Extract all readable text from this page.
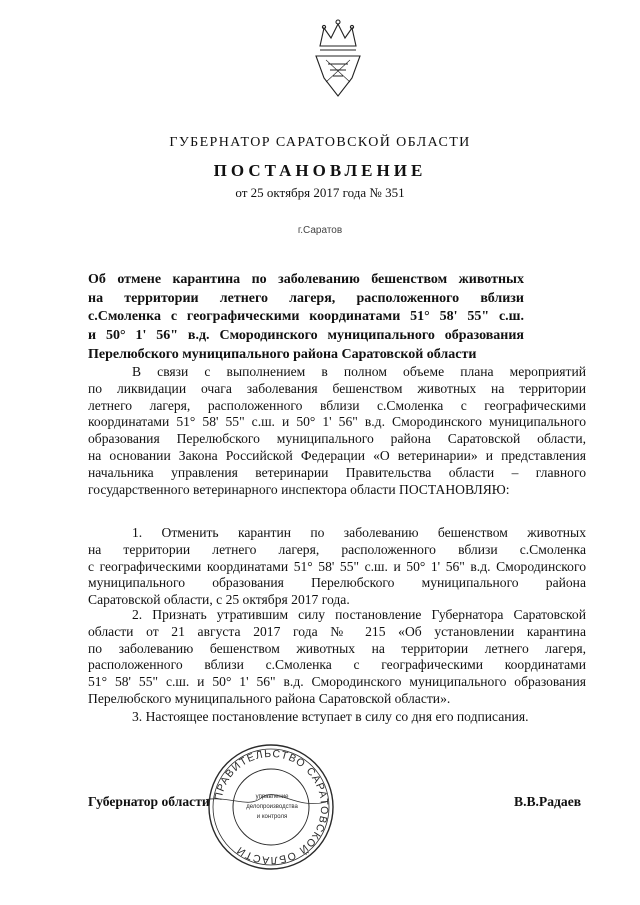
ГУБЕРНАТОР САРАТОВСКОЙ ОБЛАСТИ
ПОСТАНОВЛЕНИЕ
от 25 октября 2017 года № 351
г.Саратов
Об отмене карантина по заболеванию бешенством животных
на территории летнего лагеря, расположенного вблизи
с.Смоленка с географическими координатами 51° 58' 55" с.ш.
и 50° 1' 56" в.д. Смородинского муниципального образования
Перелюбского муниципального района Саратовской области
В связи с выполнением в полном объеме плана мероприятий
по ликвидации очага заболевания бешенством животных на территории
летнего лагеря, расположенного вблизи с.Смоленка с географическими
координатами 51° 58' 55" с.ш. и 50° 1' 56" в.д. Смородинского муниципального
образования Перелюбского муниципального района Саратовской области,
на основании Закона Российской Федерации «О ветеринарии» и представления
начальника управления ветеринарии Правительства области – главного
государственного ветеринарного инспектора области ПОСТАНОВЛЯЮ:
1. Отменить карантин по заболеванию бешенством животных
на территории летнего лагеря, расположенного вблизи с.Смоленка
с географическими координатами 51° 58' 55" с.ш. и 50° 1' 56" в.д. Смородинского
муниципального образования Перелюбского муниципального района
Саратовской области, с 25 октября 2017 года.
2. Признать утратившим силу постановление Губернатора Саратовской
области от 21 августа 2017 года № 215 «Об установлении карантина
по заболеванию бешенством животных на территории летнего лагеря,
расположенного вблизи с.Смоленка с географическими координатами
51° 58' 55" с.ш. и 50° 1' 56" в.д. Смородинского муниципального образования
Перелюбского муниципального района Саратовской области».
3. Настоящее постановление вступает в силу со дня его подписания.
Губернатор области	В.В.Радаев
ПРАВИТЕЛЬСТВО САРАТОВСКОЙ ОБЛАСТИ
управление
делопроизводства
и контроля
